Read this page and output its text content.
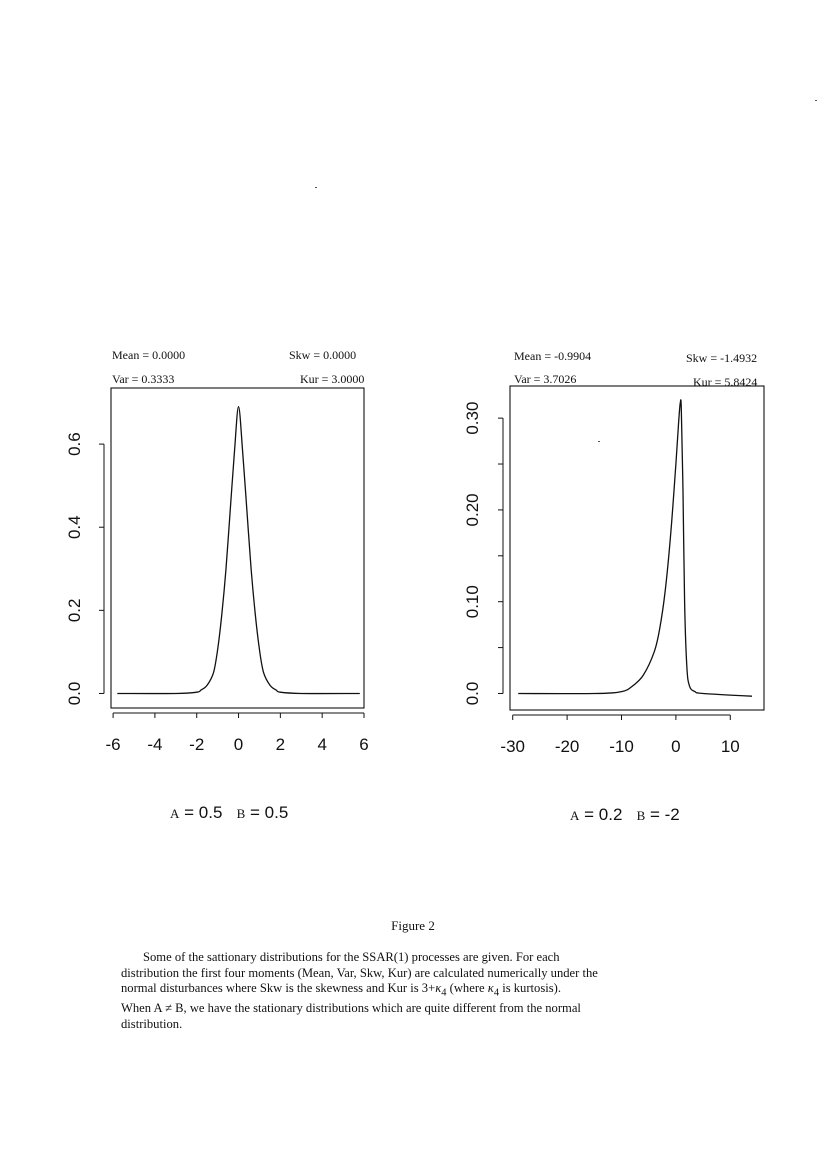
Mean = 0.0000	Skw = 0.0000
Var = 0.3333	Kur = 3.0000
Mean = -0.9904	Skw = -1.4932
Var = 3.7026	Kur = 5.8424
-6 -4 -2 0 2 4 6
0.0
0.2
0.4
0.6
-30 -20 -10 0 10
0.0
0.10
0.20
0.30
A = 0.5 B = 0.5	A = 0.2 B = -2
Figure 2

Some of the sattionary distributions for the SSAR(1) processes are given. For each

distribution the first four moments (Mean, Var, Skw, Kur) are calculated numerically under the
normal disturbances where Skw is the skewness and Kur is $3+\kappa_4$ (where $\kappa_4$ is kurtosis).
When A ≠ B, we have the stationary distributions which are quite different from the normal
distribution.
